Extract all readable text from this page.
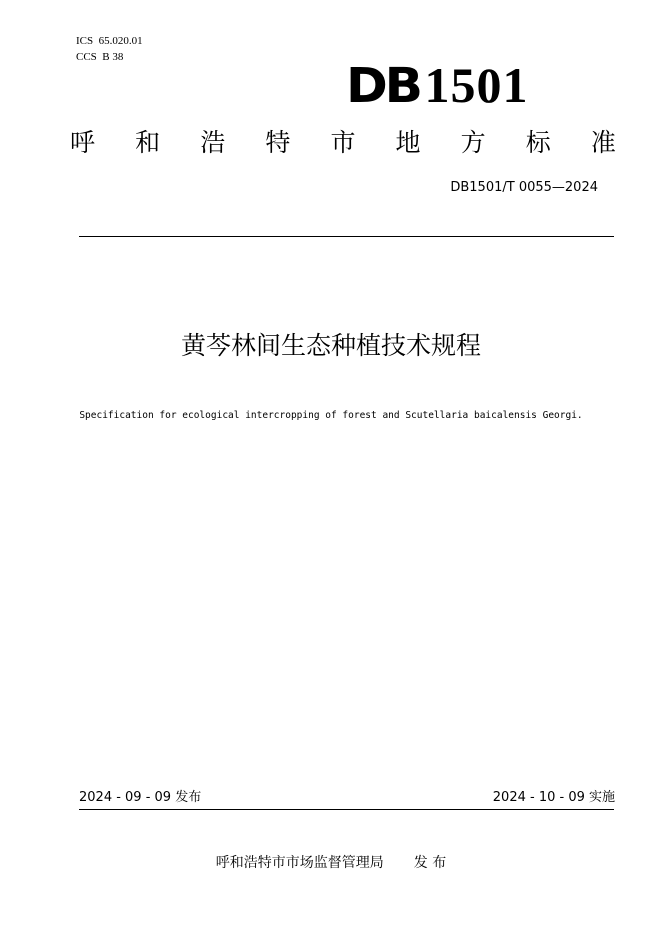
ICS  65.020.01
CCS  B 38
DB 1501
呼 和 浩 特 市 地 方 标 准
DB1501/T 0055—2024
黄芩林间生态种植技术规程
Specification for ecological intercropping of forest and Scutellaria baicalensis Georgi.
2024 - 09 - 09 发布	2024 - 10 - 09 实施
呼和浩特市市场监督管理局 发 布
